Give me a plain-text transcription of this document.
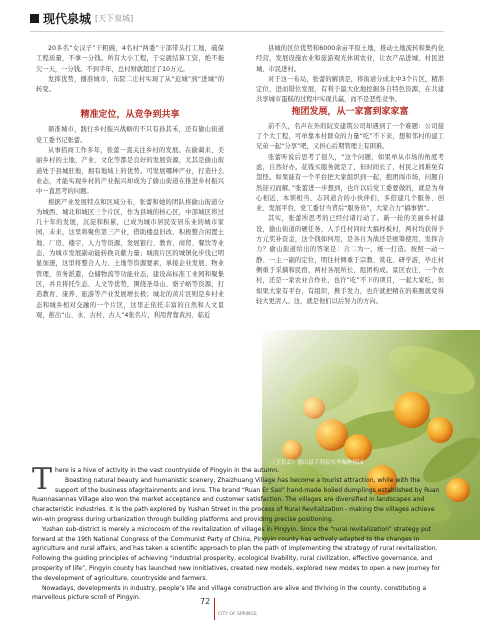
现代泉城 [天下泉城]

20多名“女汉子”干粗碗，4名村“两委”干部带头打工地，硫保工程质量，不拿一分钱。所有大小工程，于完就结算工资，绝不拖欠一天，一分钱。不到半年，总村财就超过了10万元。

发挥优势，播准城市，东院二庄村实现了从“近城”到“进城”的转变。

精准定位，从竞争到共享

鼎准城市，践行乡村振兴战略的不只有孙其禾，还有偷山街道党工委书记张蕾。

从事招商工作多年，张蕾一直关注乡村的发展。在偷蔺来，美丽乡村的土地、产业、文化等都是良好的发展资源，尤其是偷山街道处于县城驻地，拥有地域上的优势。可发展哪种产业，打造什么业态，才能实现乡村的产业振兴却成为了偷山街道在推进乡村振兴中一直思考的问题。

根据产业发展特点和区域分布，张蕾和她的团队将偷山街道分为城西、城北和城区三个片区，作为县城的核心区，中部城区将过几十年的发展，沉淀和积累，已成为城市居民安居乐业的城市家园，未来，这里将聚焦第三产业，借助楼盘旧改、积极整合闲置土地、厂房、楼宇，人力等资源，发展银行、教育、商贸、餐饮等业态，为城市发展副动能转换贡献力量；城南片区的城镇化步伐已明显加速，这里将整合人力、土地等资源要素，承接企业发展、物业管理、劳务派遣，仓储物流等功能业态，建设高标准工业园和聚集区，并且将托生态、人文等优势，围绕圣母山、骆子峪等资源，打造教育、康养、旅游等产业发展增长极；城北的黄片区则是乡村业态和城乡相对交融的一个片区，这里正依托丰富的自然和人文景观，推出“山、水、古村、古人”4张名片，利用背靠黄河、临近

县城的区位优势和6000余亩平原土地，推动土地流转和集约化经营，发展设施农业和旅游观光休闲农业，让农产品进城、村民进城、市民进村。

对于这一布局，张蕾的解读是，将街道分成北中3个片区，精准定位，进而错位发展，有利于最大化地挖掘各自特色资源，在共建共享城市蛋糕的过程中实现共赢，而不是恶性竞争。

拖团发展，从一家富到家家富

前不久，名声在外的阮安建筑公司却遇到了一个难题：公司接了个大工程，可单靠本村群众的力量“吃”不下来，想和邻村的建工兄弟一起“分享”吧，又担心后期管理上有困难。

张蕾听说后思考了很久，“这个问题，如果单从市场的角度考虑，自然好办。花钱买服务就是了，但时间长了，村民之间难免有怨怪。如果能有一个平台把大家组织到一起，抱团闯市场，问题自然迎刃而解。”张蕾进一步想到，也许以后党工委要做的，就是为身心相近、本领相当、志同道合的小伙伴们，多搭建几个服务、创业、发展平台，党工委甘当背后“服务员”，大家合力“搞事情”。

其实，张蕾所思考的已经付诸行动了。新一轮的美丽乡村建设，偷山街道的硬任务，人手任村同时大搞样板村，两村均获得予方元奖补资金，这个钱如何用，是各自为战还是统筹使用，发挥合力？偷山街道给出的答案是：合二为一，统一打造。按照一动一静、一主一副的定位，明往村侧重于宗教、赏花、研学游，毕庄村侧重于采摘和民宿，两村各展所长，组团构成。景区农庄，一个农村，还是一家农业合作社，也许“吃”不下的项目，一起大家吃，但如果大家有平台，有组织，携手发力，也许就把精在的难题就变得轻大更清人。这，就是他们以后努力的方向。

（卫长芸）偷山县手利县东李佩种植园
T here is a hive of activity in the vast countryside of Pingyin in the autumn.

Boasting natural beauty and humanistic scenery, Zhaizhuang Village has become a tourist attraction, while with the support of the business ofagritainments and inns. The brand “Ruan Er Sao” hand-made boiled dumplings established by Ruan Ruannasannas Village also won the market acceptance and customer satisfaction. The villages are diversified in landscapes and characteristic industries. It is the path explored by Yushan Street in the process of Rural Revitalization - making the villages achieve win-win progress during urbanization through building platforms and providing precise positioning.

Yushan sub-district is merely a microcosm of the revitalization of villages in Pingyin. Since the “rural revitalization” strategy put forward at the 19th National Congress of the Communist Party of China, Pingyin county has actively adapted to the changes in agriculture and rural affairs, and has taken a scientific approach to plan the path of implementing the strategy of rural revitalization. Following the guiding principles of achieving “industrial prosperity, ecological livability, rural civilization, effective governance, and prosperity of life”, Pingyin county has launched new innitiatives, created new models, explored new modes to open a new journey for the development of agriculture, countryside and farmers.

Nowadays, developments in industry, people’s life and village construction are alive and thriving in the county, constituting a marvellous picture scroll of Pingyin.	72
CITY OF SPRINGS
